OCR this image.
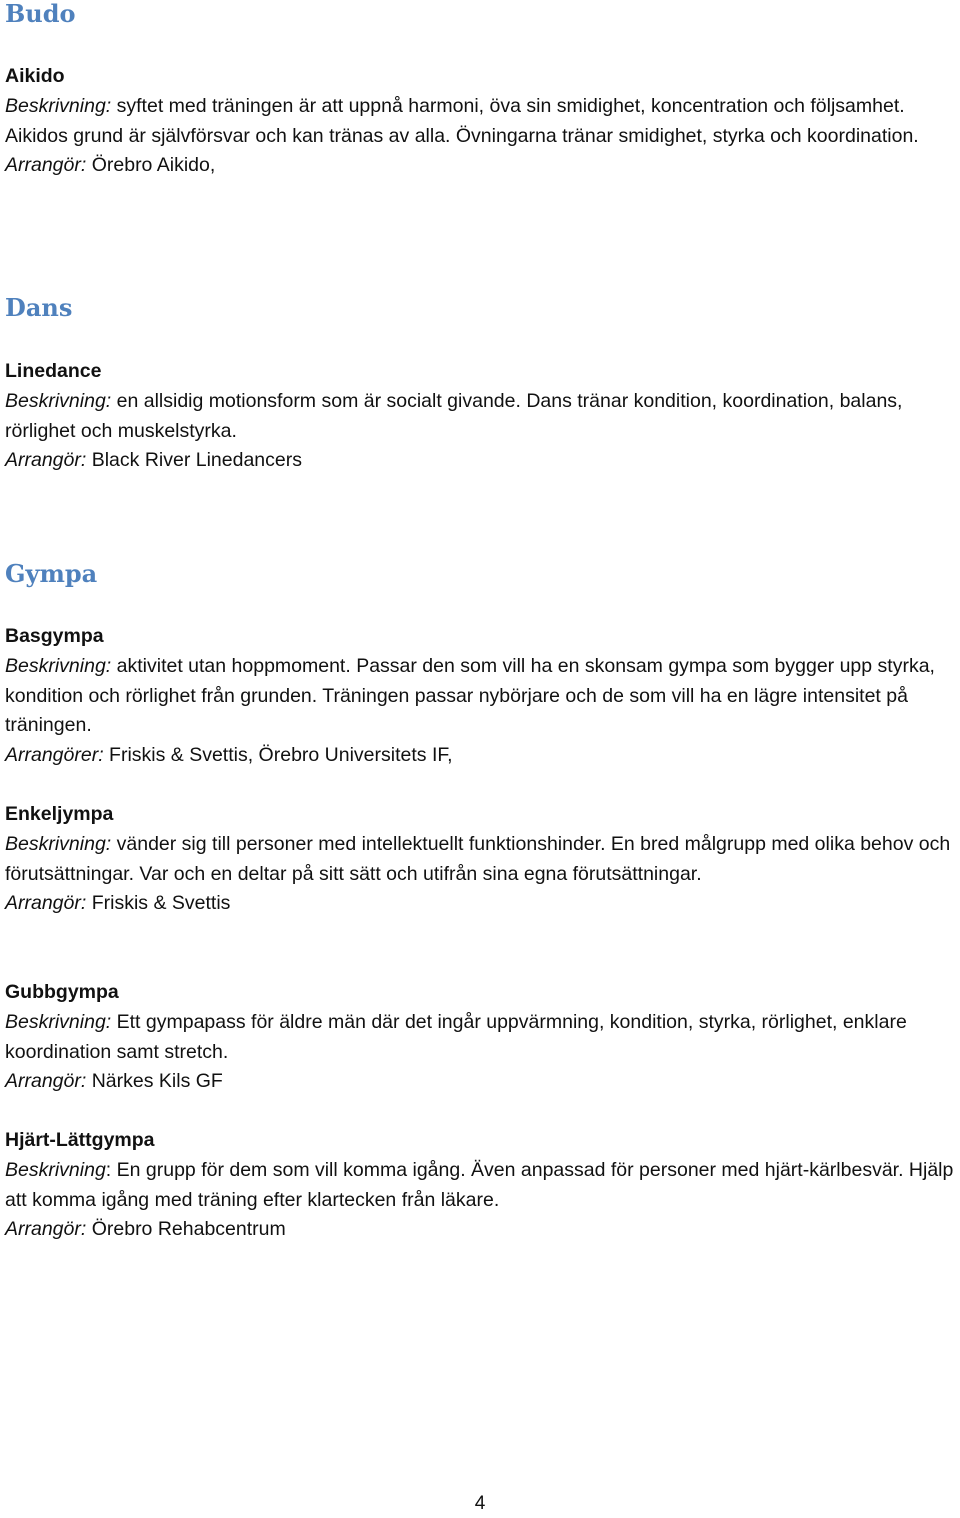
Budo
Aikido

Beskrivning: syftet med träningen är att uppnå harmoni, öva sin smidighet, koncentration och följsamhet. Aikidos grund är självförsvar och kan tränas av alla. Övningarna tränar smidighet, styrka och koordination.

Arrangör: Örebro Aikido,

Dans
Linedance

Beskrivning: en allsidig motionsform som är socialt givande. Dans tränar kondition, koordination, balans, rörlighet och muskelstyrka.

Arrangör: Black River Linedancers

Gympa
Basgympa

Beskrivning: aktivitet utan hoppmoment. Passar den som vill ha en skonsam gympa som bygger upp styrka, kondition och rörlighet från grunden. Träningen passar nybörjare och de som vill ha en lägre intensitet på träningen.

Arrangörer: Friskis & Svettis, Örebro Universitets IF,

Enkeljympa

Beskrivning: vänder sig till personer med intellektuellt funktionshinder. En bred målgrupp med olika behov och förutsättningar. Var och en deltar på sitt sätt och utifrån sina egna förutsättningar.

Arrangör: Friskis & Svettis

Gubbgympa

Beskrivning: Ett gympapass för äldre män där det ingår uppvärmning, kondition, styrka, rörlighet, enklare koordination samt stretch.

Arrangör: Närkes Kils GF

Hjärt-Lättgympa

Beskrivning: En grupp för dem som vill komma igång. Även anpassad för personer med hjärt-kärlbesvär. Hjälp att komma igång med träning efter klartecken från läkare.

Arrangör: Örebro Rehabcentrum

4
